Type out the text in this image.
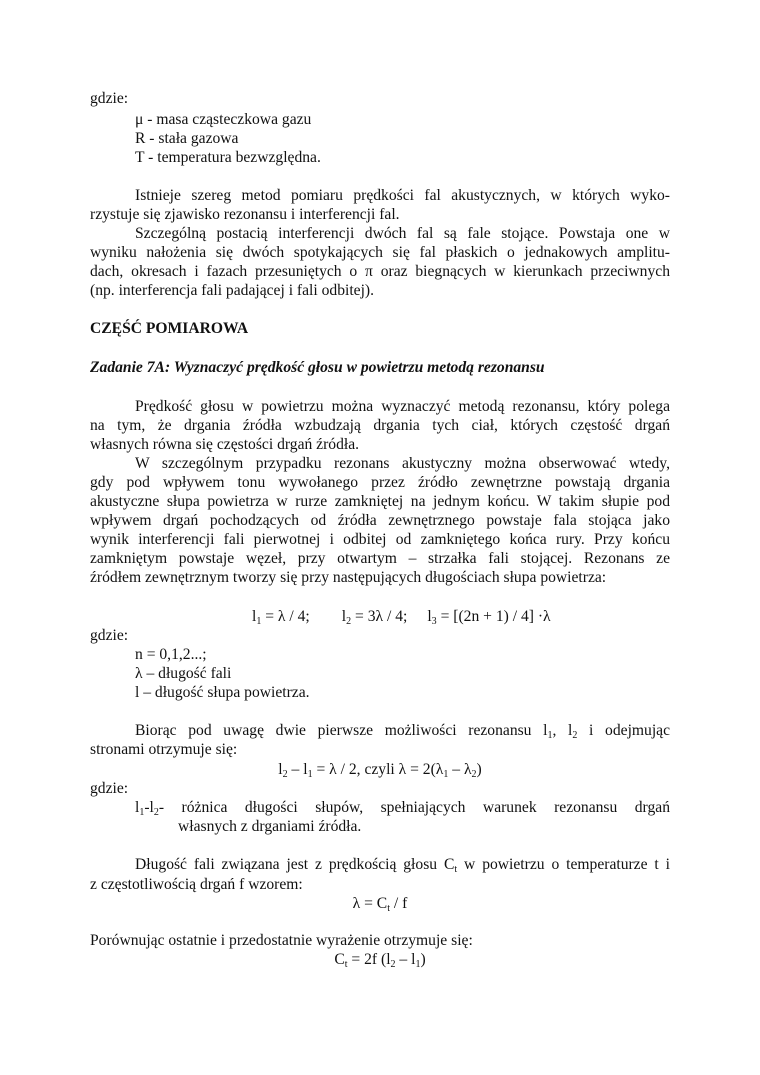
gdzie:
μ - masa cząsteczkowa gazu
R - stała gazowa
T - temperatura bezwzględna.
Istnieje szereg metod pomiaru prędkości fal akustycznych, w których wyko-
rzystuje się zjawisko rezonansu i interferencji fal.
Szczególną postacią interferencji dwóch fal są fale stojące. Powstaja one w
wyniku nałożenia się dwóch spotykających się fal płaskich o jednakowych amplitu-
dach, okresach i fazach przesuniętych o π oraz biegnących w kierunkach przeciwnych
(np. interferencja fali padającej i fali odbitej).
CZĘŚĆ POMIAROWA
Zadanie 7A: Wyznaczyć prędkość głosu w powietrzu metodą rezonansu
Prędkość głosu w powietrzu można wyznaczyć metodą rezonansu, który polega
na tym, że drgania źródła wzbudzają drgania tych ciał, których częstość drgań
własnych równa się częstości drgań źródła.
W szczególnym przypadku rezonans akustyczny można obserwować wtedy,
gdy pod wpływem tonu wywołanego przez źródło zewnętrzne powstają drgania
akustyczne słupa powietrza w rurze zamkniętej na jednym końcu. W takim słupie pod
wpływem drgań pochodzących od źródła zewnętrznego powstaje fala stojąca jako
wynik interferencji fali pierwotnej i odbitej od zamkniętego końca rury. Przy końcu
zamkniętym powstaje węzeł, przy otwartym – strzałka fali stojącej. Rezonans ze
źródłem zewnętrznym tworzy się przy następujących długościach słupa powietrza:
$l_1 = \lambda / 4$; $l_2 = 3\lambda / 4$; $l_3 = [(2n + 1) / 4] \cdot\lambda$
gdzie:
n = 0,1,2...;
λ – długość fali
l – długość słupa powietrza.
Biorąc pod uwagę dwie pierwsze możliwości rezonansu $l_1$, $l_2$ i odejmując
stronami otrzymuje się:
$l_2 - l_1 = \lambda / 2$, czyli $\lambda = 2(\lambda_1 - \lambda_2)$
gdzie:
$l_1-l_2-$ różnica długości słupów, spełniających warunek rezonansu drgań
własnych z drganiami źródła.
Długość fali związana jest z prędkością głosu $C_t$ w powietrzu o temperaturze t i
z częstotliwością drgań f wzorem:
$\lambda = C_t / f$
Porównując ostatnie i przedostatnie wyrażenie otrzymuje się:
$C_t = 2f$ $(l_2 - l_1)$
